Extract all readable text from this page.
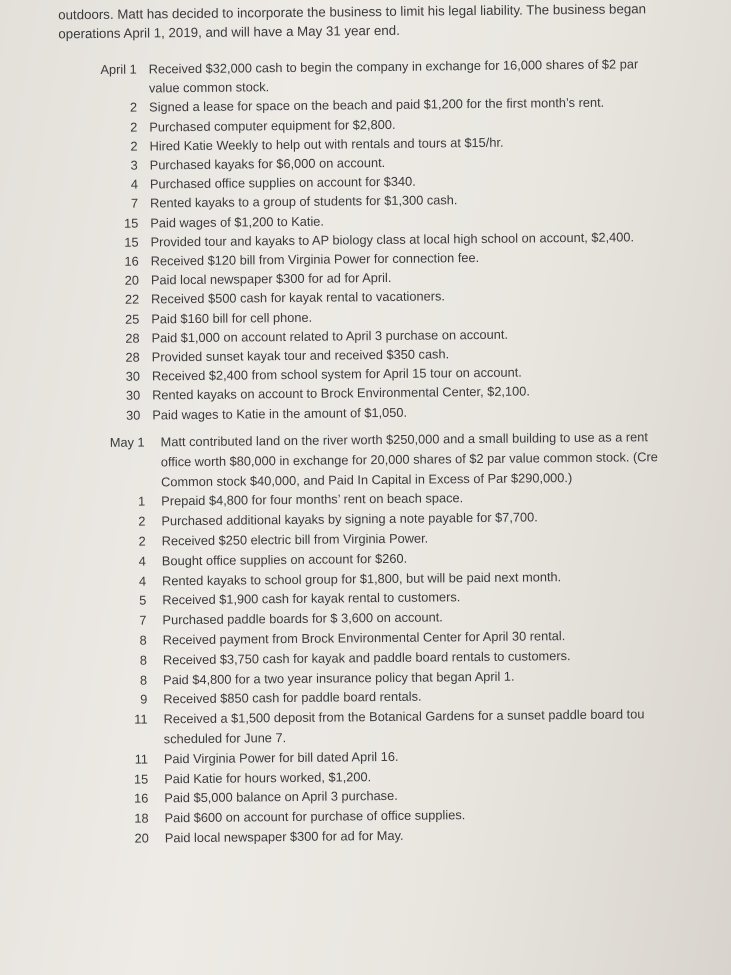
outdoors. Matt has decided to incorporate the business to limit his legal liability. The business began
operations April 1, 2019, and will have a May 31 year end.
April 1 Received $32,000 cash to begin the company in exchange for 16,000 shares of $2 par
value common stock.
2 Signed a lease for space on the beach and paid $1,200 for the first month’s rent.
2 Purchased computer equipment for $2,800.
2 Hired Katie Weekly to help out with rentals and tours at $15/hr.
3 Purchased kayaks for $6,000 on account.
4 Purchased office supplies on account for $340.
7 Rented kayaks to a group of students for $1,300 cash.
15 Paid wages of $1,200 to Katie.
15 Provided tour and kayaks to AP biology class at local high school on account, $2,400.
16 Received $120 bill from Virginia Power for connection fee.
20 Paid local newspaper $300 for ad for April.
22 Received $500 cash for kayak rental to vacationers.
25 Paid $160 bill for cell phone.
28 Paid $1,000 on account related to April 3 purchase on account.
28 Provided sunset kayak tour and received $350 cash.
30 Received $2,400 from school system for April 15 tour on account.
30 Rented kayaks on account to Brock Environmental Center, $2,100.
30 Paid wages to Katie in the amount of $1,050.
May 1 Matt contributed land on the river worth $250,000 and a small building to use as a rent
office worth $80,000 in exchange for 20,000 shares of $2 par value common stock. (Cre
Common stock $40,000, and Paid In Capital in Excess of Par $290,000.)
1 Prepaid $4,800 for four months’ rent on beach space.
2 Purchased additional kayaks by signing a note payable for $7,700.
2 Received $250 electric bill from Virginia Power.
4 Bought office supplies on account for $260.
4 Rented kayaks to school group for $1,800, but will be paid next month.
5 Received $1,900 cash for kayak rental to customers.
7 Purchased paddle boards for $ 3,600 on account.
8 Received payment from Brock Environmental Center for April 30 rental.
8 Received $3,750 cash for kayak and paddle board rentals to customers.
8 Paid $4,800 for a two year insurance policy that began April 1.
9 Received $850 cash for paddle board rentals.
11 Received a $1,500 deposit from the Botanical Gardens for a sunset paddle board tou
scheduled for June 7.
11 Paid Virginia Power for bill dated April 16.
15 Paid Katie for hours worked, $1,200.
16 Paid $5,000 balance on April 3 purchase.
18 Paid $600 on account for purchase of office supplies.
20 Paid local newspaper $300 for ad for May.
